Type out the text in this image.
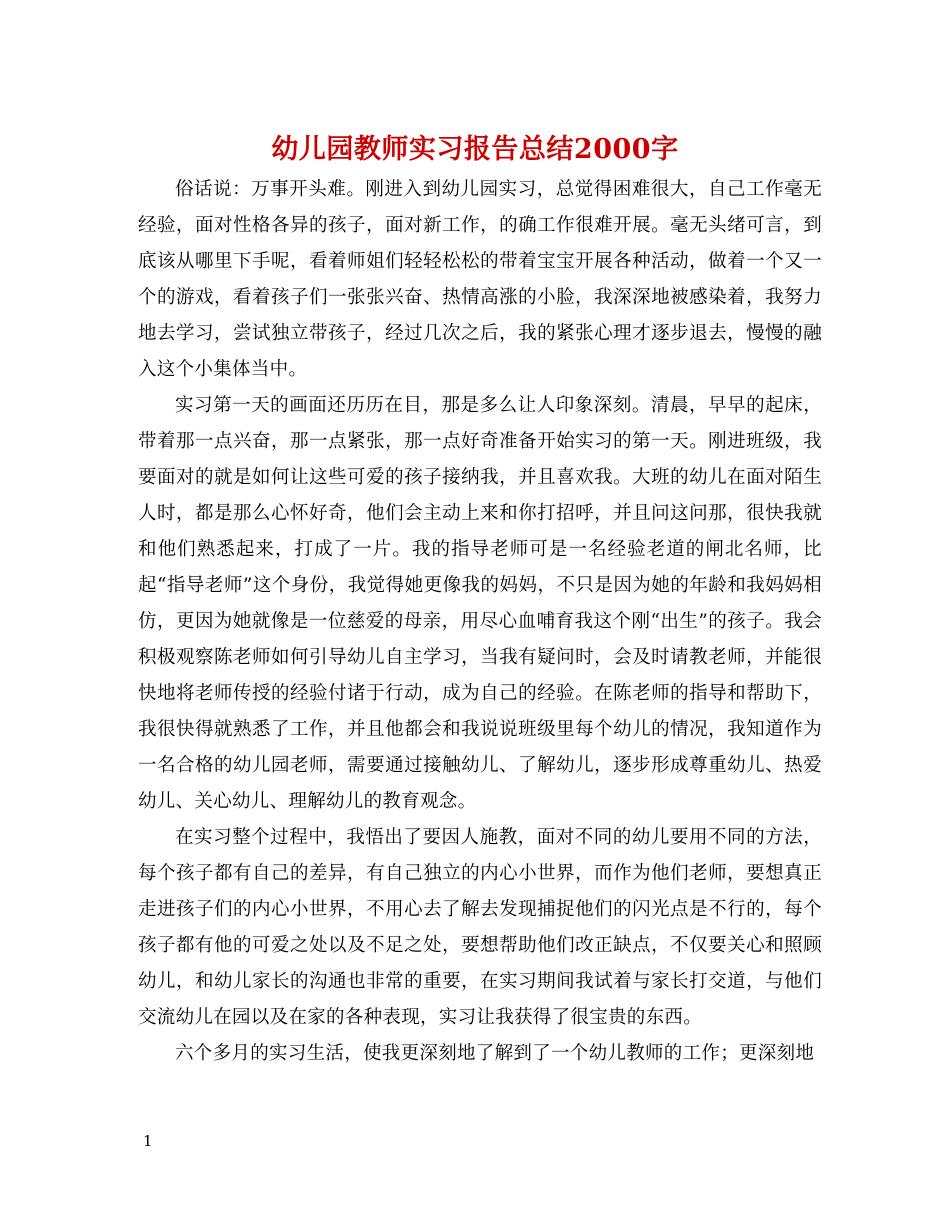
幼儿园教师实习报告总结2000字

俗话说：万事开头难。刚进入到幼儿园实习，总觉得困难很大，自己工作毫无经验，面对性格各异的孩子，面对新工作，的确工作很难开展。毫无头绪可言，到底该从哪里下手呢，看着师姐们轻轻松松的带着宝宝开展各种活动，做着一个又一个的游戏，看着孩子们一张张兴奋、热情高涨的小脸，我深深地被感染着，我努力地去学习，尝试独立带孩子，经过几次之后，我的紧张心理才逐步退去，慢慢的融入这个小集体当中。

实习第一天的画面还历历在目，那是多么让人印象深刻。清晨，早早的起床，带着那一点兴奋，那一点紧张，那一点好奇准备开始实习的第一天。刚进班级，我要面对的就是如何让这些可爱的孩子接纳我，并且喜欢我。大班的幼儿在面对陌生人时，都是那么心怀好奇，他们会主动上来和你打招呼，并且问这问那，很快我就和他们熟悉起来，打成了一片。我的指导老师可是一名经验老道的闸北名师，比起“指导老师”这个身份，我觉得她更像我的妈妈，不只是因为她的年龄和我妈妈相仿，更因为她就像是一位慈爱的母亲，用尽心血哺育我这个刚“出生”的孩子。我会积极观察陈老师如何引导幼儿自主学习，当我有疑问时，会及时请教老师，并能很快地将老师传授的经验付诸于行动，成为自己的经验。在陈老师的指导和帮助下，我很快得就熟悉了工作，并且他都会和我说说班级里每个幼儿的情况，我知道作为一名合格的幼儿园老师，需要通过接触幼儿、了解幼儿，逐步形成尊重幼儿、热爱幼儿、关心幼儿、理解幼儿的教育观念。

在实习整个过程中，我悟出了要因人施教，面对不同的幼儿要用不同的方法，每个孩子都有自己的差异，有自己独立的内心小世界，而作为他们老师，要想真正走进孩子们的内心小世界，不用心去了解去发现捕捉他们的闪光点是不行的，每个孩子都有他的可爱之处以及不足之处，要想帮助他们改正缺点，不仅要关心和照顾幼儿，和幼儿家长的沟通也非常的重要，在实习期间我试着与家长打交道，与他们交流幼儿在园以及在家的各种表现，实习让我获得了很宝贵的东西。

六个多月的实习生活，使我更深刻地了解到了一个幼儿教师的工作；更深刻地

1
